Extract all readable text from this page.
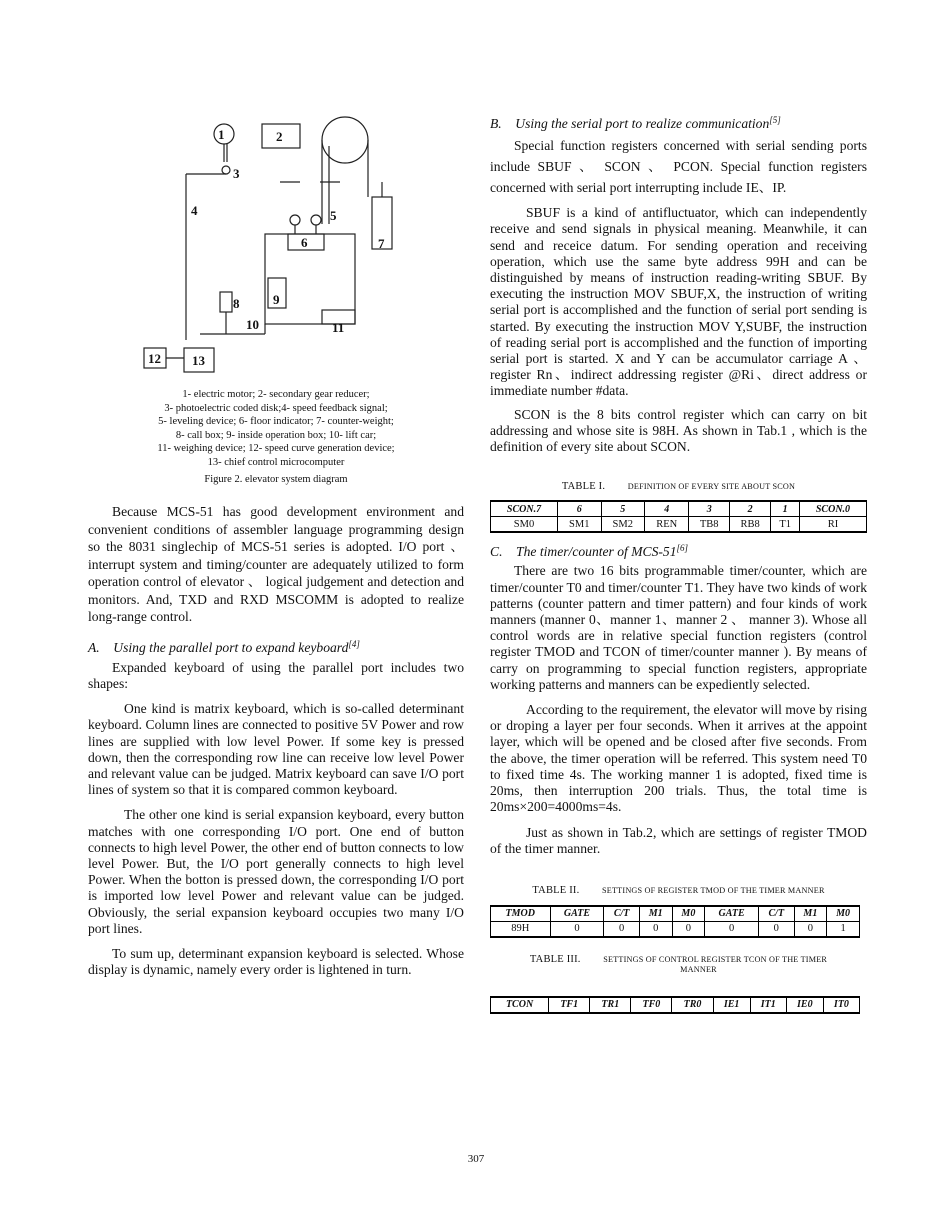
1	2
3
4	5
6	7
8	9
10	11
12 13
1- electric motor; 2- secondary gear reducer;
3- photoelectric coded disk;4- speed feedback signal;
5- leveling device; 6- floor indicator; 7- counter-weight;
8- call box; 9- inside operation box; 10- lift car;
11- weighing device; 12- speed curve generation device;
13- chief control microcomputer
Figure 2. elevator system diagram

Because MCS-51 has good development environment and convenient conditions of assembler language programming design so the 8031 singlechip of MCS-51 series is adopted. I/O port 、 interrupt system and timing/counter are adequately utilized to form operation control of elevator 、 logical judgement and detection and monitors. And, TXD and RXD MSCOMM is adopted to realize long-range control.

A. Using the parallel port to expand keyboard[4]

Expanded keyboard of using the parallel port includes two shapes:

One kind is matrix keyboard, which is so-called determinant keyboard. Column lines are connected to positive 5V Power and row lines are supplied with low level Power. If some key is pressed down, then the corresponding row line can receive low level Power and relevant value can be judged. Matrix keyboard can save I/O port lines of system so that it is compared common keyboard.

The other one kind is serial expansion keyboard, every button matches with one corresponding I/O port. One end of button connects to high level Power, the other end of button connects to low level Power. But, the I/O port generally connects to high level Power. When the botton is pressed down, the corresponding I/O port is imported low level Power and relevant value can be judged. Obviously, the serial expansion keyboard occupies two many I/O port lines.

To sum up, determinant expansion keyboard is selected. Whose display is dynamic, namely every order is lightened in turn.

B. Using the serial port to realize communication[5]

Special function registers concerned with serial sending ports include SBUF 、 SCON 、 PCON. Special function registers concerned with serial port interrupting include IE、IP.

SBUF is a kind of antifluctuator, which can independently receive and send signals in physical meaning. Meanwhile, it can send and receice datum. For sending operation and receiving operation, which use the same byte address 99H and can be distinguished by means of instruction reading-writing SBUF. By executing the instruction MOV SBUF,X, the instruction of writing serial port is accomplished and the function of serial port sending is started. By executing the instruction MOV Y,SUBF, the instruction of reading serial port is accomplished and the function of importing serial port is started. X and Y can be accumulator carriage A 、 register Rn、indirect addressing register @Ri、direct address or immediate number #data.

SCON is the 8 bits control register which can carry on bit addressing and whose site is 98H. As shown in Tab.1 , which is the definition of every site about SCON.

TABLE I.	DEFINITION OF EVERY SITE ABOUT SCON
SCON.7	6	5	4	3	2	1	SCON.0
SM0	SM1	SM2	REN	TB8	RB8	T1	RI

C. The timer/counter of MCS-51[6]

There are two 16 bits programmable timer/counter, which are timer/counter T0 and timer/counter T1. They have two kinds of work patterns (counter pattern and timer pattern) and four kinds of work manners (manner 0、manner 1、manner 2 、 manner 3). Whose all control words are in relative special function registers (control register TMOD and TCON of timer/counter manner ). By means of carry on programming to special function registers, appropriate working patterns and manners can be expediently selected.

According to the requirement, the elevator will move by rising or droping a layer per four seconds. When it arrives at the appoint layer, which will be opened and be closed after five seconds. From the above, the timer operation will be referred. This system need T0 to fixed time 4s. The working manner 1 is adopted, fixed time is 20ms, then interruption 200 trials. Thus, the total time is 20ms×200=4000ms=4s.

Just as shown in Tab.2, which are settings of register TMOD of the timer manner.

TABLE II.	SETTINGS OF REGISTER TMOD OF THE TIMER MANNER
TMOD	GATE	C/T	M1	M0	GATE	C/T	M1	M0
89H	0	0	0	0	0	0	0	1
TABLE III.	SETTINGS OF CONTROL REGISTER TCON OF THE TIMER
MANNER
TCON	TF1	TR1	TF0	TR0	IE1	IT1	IE0	IT0
307
